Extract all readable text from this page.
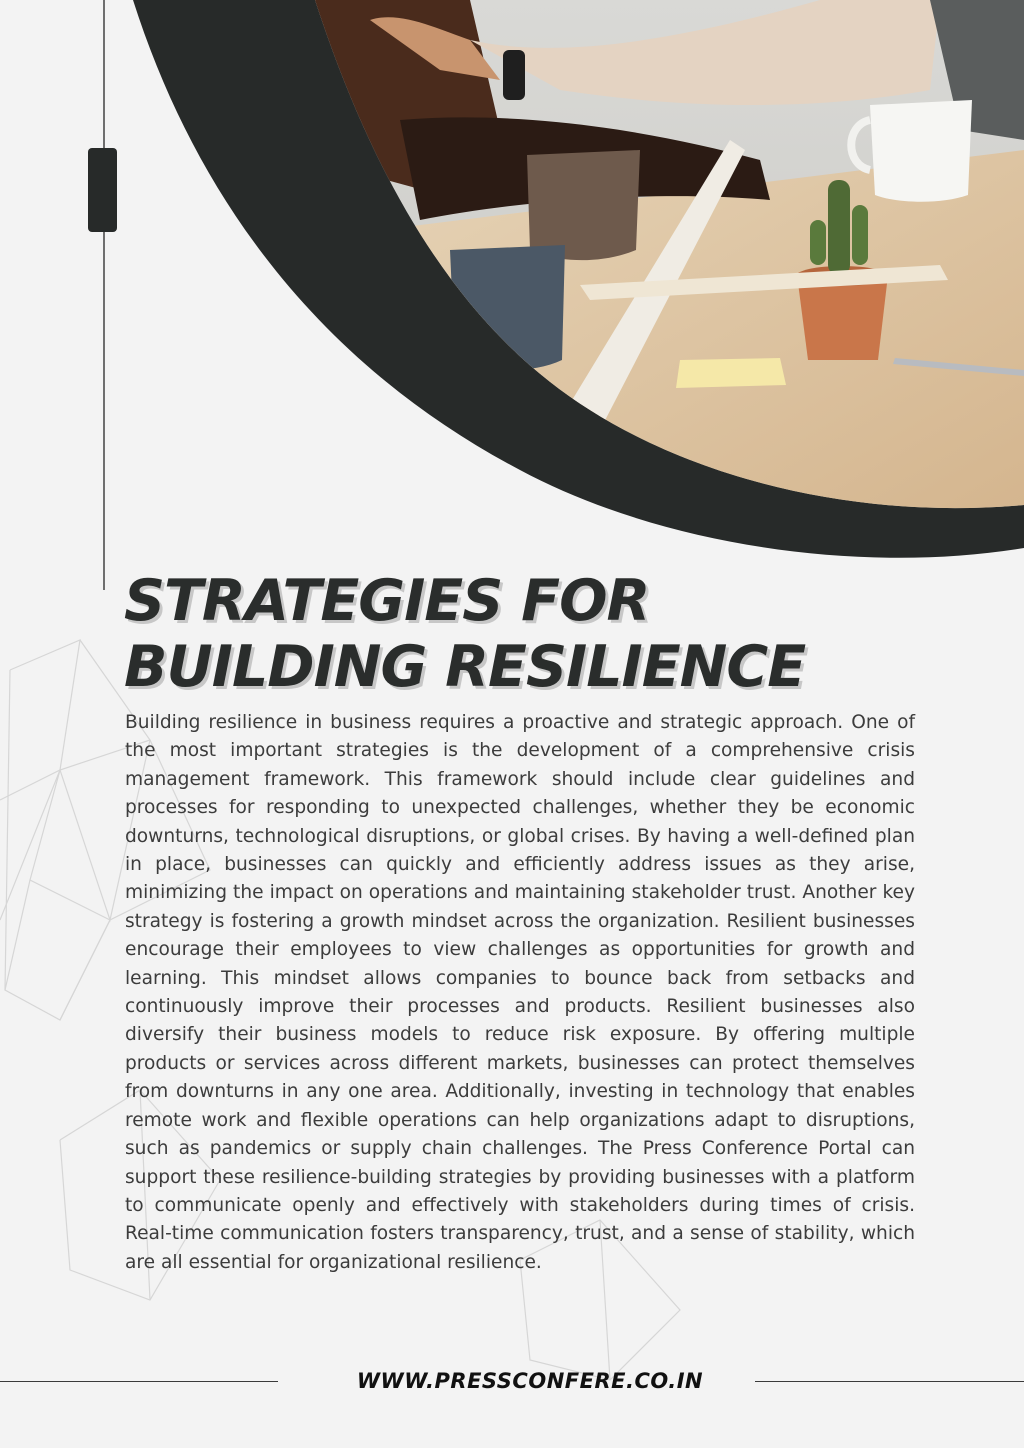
STRATEGIES FOR
BUILDING RESILIENCE

Building resilience in business requires a proactive and strategic approach. One of the most important strategies is the development of a comprehensive crisis management framework. This framework should include clear guidelines and processes for responding to unexpected challenges, whether they be economic downturns, technological disruptions, or global crises. By having a well-defined plan in place, businesses can quickly and efficiently address issues as they arise, minimizing the impact on operations and maintaining stakeholder trust. Another key strategy is fostering a growth mindset across the organization. Resilient businesses encourage their employees to view challenges as opportunities for growth and learning. This mindset allows companies to bounce back from setbacks and continuously improve their processes and products. Resilient businesses also diversify their business models to reduce risk exposure. By offering multiple products or services across different markets, businesses can protect themselves from downturns in any one area. Additionally, investing in technology that enables remote work and flexible operations can help organizations adapt to disruptions, such as pandemics or supply chain challenges. The Press Conference Portal can support these resilience-building strategies by providing businesses with a platform to communicate openly and effectively with stakeholders during times of crisis. Real-time communication fosters transparency, trust, and a sense of stability, which are all essential for organizational resilience.

WWW.PRESSCONFERE.CO.IN
